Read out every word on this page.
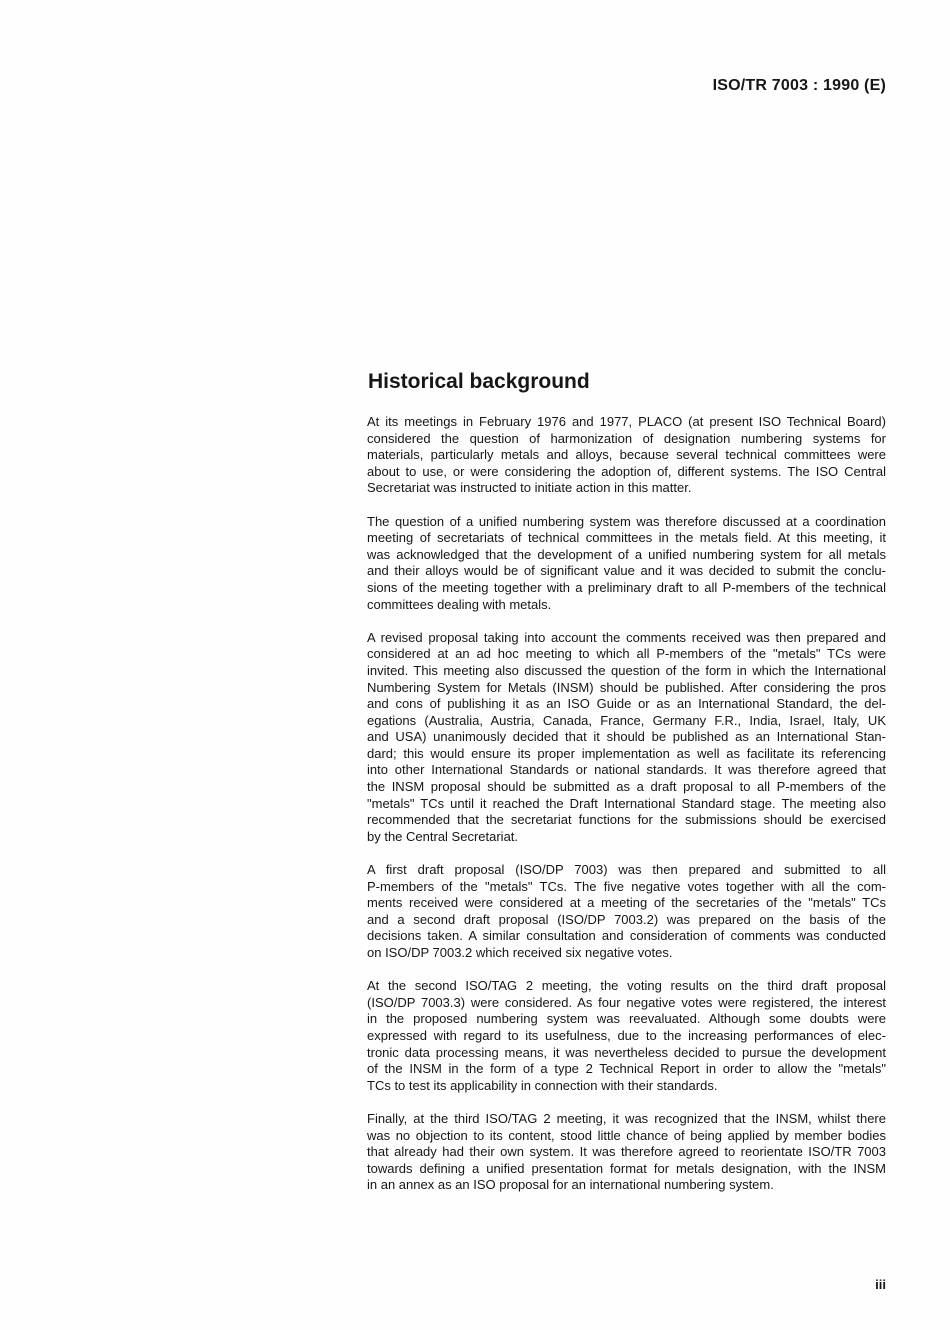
ISO/TR 7003 : 1990 (E)
Historical background
At its meetings in February 1976 and 1977, PLACO (at present ISO Technical Board)
considered the question of harmonization of designation numbering systems for
materials, particularly metals and alloys, because several technical committees were
about to use, or were considering the adoption of, different systems. The ISO Central
Secretariat was instructed to initiate action in this matter.
The question of a unified numbering system was therefore discussed at a coordination
meeting of secretariats of technical committees in the metals field. At this meeting, it
was acknowledged that the development of a unified numbering system for all metals
and their alloys would be of significant value and it was decided to submit the conclu-
sions of the meeting together with a preliminary draft to all P-members of the technical
committees dealing with metals.
A revised proposal taking into account the comments received was then prepared and
considered at an ad hoc meeting to which all P-members of the "metals" TCs were
invited. This meeting also discussed the question of the form in which the International
Numbering System for Metals (INSM) should be published. After considering the pros
and cons of publishing it as an ISO Guide or as an International Standard, the del-
egations (Australia, Austria, Canada, France, Germany F.R., India, Israel, Italy, UK
and USA) unanimously decided that it should be published as an International Stan-
dard; this would ensure its proper implementation as well as facilitate its referencing
into other International Standards or national standards. It was therefore agreed that
the INSM proposal should be submitted as a draft proposal to all P-members of the
"metals" TCs until it reached the Draft International Standard stage. The meeting also
recommended that the secretariat functions for the submissions should be exercised
by the Central Secretariat.
A first draft proposal (ISO/DP 7003) was then prepared and submitted to all
P-members of the "metals" TCs. The five negative votes together with all the com-
ments received were considered at a meeting of the secretaries of the "metals" TCs
and a second draft proposal (ISO/DP 7003.2) was prepared on the basis of the
decisions taken. A similar consultation and consideration of comments was conducted
on ISO/DP 7003.2 which received six negative votes.
At the second ISO/TAG 2 meeting, the voting results on the third draft proposal
(ISO/DP 7003.3) were considered. As four negative votes were registered, the interest
in the proposed numbering system was reevaluated. Although some doubts were
expressed with regard to its usefulness, due to the increasing performances of elec-
tronic data processing means, it was nevertheless decided to pursue the development
of the INSM in the form of a type 2 Technical Report in order to allow the "metals"
TCs to test its applicability in connection with their standards.
Finally, at the third ISO/TAG 2 meeting, it was recognized that the INSM, whilst there
was no objection to its content, stood little chance of being applied by member bodies
that already had their own system. It was therefore agreed to reorientate ISO/TR 7003
towards defining a unified presentation format for metals designation, with the INSM
in an annex as an ISO proposal for an international numbering system.
iii
